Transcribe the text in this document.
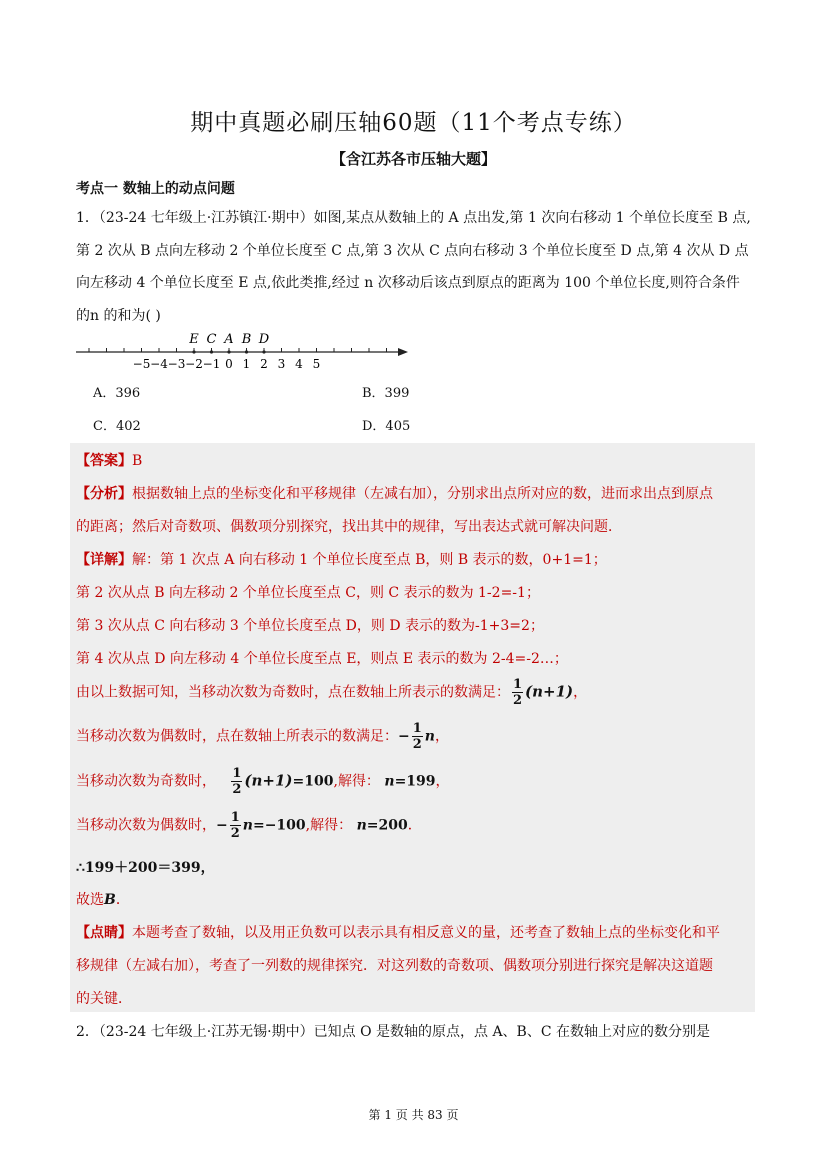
期中真题必刷压轴60题（11个考点专练）
【含江苏各市压轴大题】
考点一 数轴上的动点问题
1．（23-24 七年级上·江苏镇江·期中）如图,某点从数轴上的 A 点出发,第 1 次向右移动 1 个单位长度至 B 点,
第 2 次从 B 点向左移动 2 个单位长度至 C 点,第 3 次从 C 点向右移动 3 个单位长度至 D 点,第 4 次从 D 点
向左移动 4 个单位长度至 E 点,依此类推,经过 n 次移动后该点到原点的距离为 100 个单位长度,则符合条件
的n 的和为( )
−5 −4 −3 −2 −1 0 1 2 3 4 5
E C A B D
A．396	B．399
C．402	D．405
【答案】B
【分析】根据数轴上点的坐标变化和平移规律（左减右加），分别求出点所对应的数，进而求出点到原点
的距离；然后对奇数项、偶数项分别探究，找出其中的规律，写出表达式就可解决问题．
【详解】解：第 1 次点 A 向右移动 1 个单位长度至点 B，则 B 表示的数，0+1=1；
第 2 次从点 B 向左移动 2 个单位长度至点 C，则 C 表示的数为 1-2=-1；
第 3 次从点 C 向右移动 3 个单位长度至点 D，则 D 表示的数为-1+3=2；
第 4 次从点 D 向左移动 4 个单位长度至点 E，则点 E 表示的数为 2-4=-2…；
由以上数据可知，当移动次数为奇数时，点在数轴上所表示的数满足： $\frac{1}{2} (n+1)$，
当移动次数为偶数时，点在数轴上所表示的数满足：− $\frac{1}{2}$ n，
当移动次数为奇数时， $\frac{1}{2} (n+1)=100$,解得： n=199，
当移动次数为偶数时，− $\frac{1}{2} n=-100$,解得： n=200．
∴199＋200＝399，
故选B．
【点睛】本题考查了数轴，以及用正负数可以表示具有相反意义的量，还考查了数轴上点的坐标变化和平
移规律（左减右加），考查了一列数的规律探究．对这列数的奇数项、偶数项分别进行探究是解决这道题
的关键．
2．（23-24 七年级上·江苏无锡·期中）已知点 O 是数轴的原点，点 A、B、C 在数轴上对应的数分别是
第 1 页 共 83 页
